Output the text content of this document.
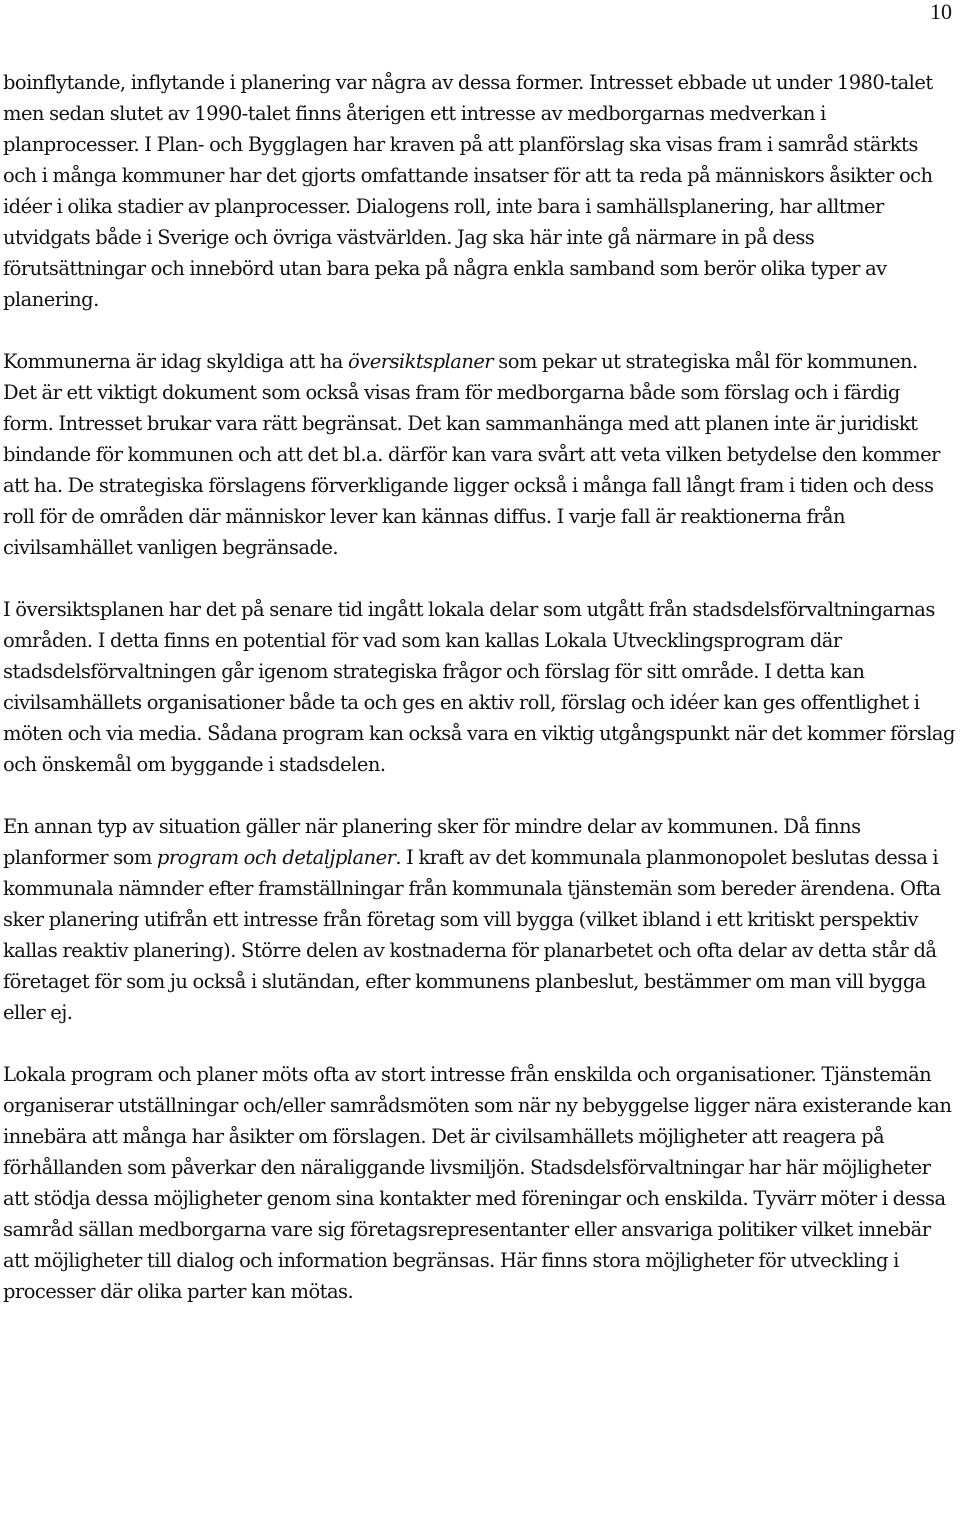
10

boinflytande, inflytande i planering var några av dessa former. Intresset ebbade ut under 1980-talet men sedan slutet av 1990-talet finns återigen ett intresse av medborgarnas medverkan i planprocesser. I Plan- och Bygglagen har kraven på att planförslag ska visas fram i samråd stärkts och i många kommuner har det gjorts omfattande insatser för att ta reda på människors åsikter och idéer i olika stadier av planprocesser. Dialogens roll, inte bara i samhällsplanering, har alltmer utvidgats både i Sverige och övriga västvärlden. Jag ska här inte gå närmare in på dess förutsättningar och innebörd utan bara peka på några enkla samband som berör olika typer av planering.

Kommunerna är idag skyldiga att ha översiktsplaner som pekar ut strategiska mål för kommunen. Det är ett viktigt dokument som också visas fram för medborgarna både som förslag och i färdig form. Intresset brukar vara rätt begränsat. Det kan sammanhänga med att planen inte är juridiskt bindande för kommunen och att det bl.a. därför kan vara svårt att veta vilken betydelse den kommer att ha. De strategiska förslagens förverkligande ligger också i många fall långt fram i tiden och dess roll för de områden där människor lever kan kännas diffus. I varje fall är reaktionerna från civilsamhället vanligen begränsade.

I översiktsplanen har det på senare tid ingått lokala delar som utgått från stadsdelsförvaltningarnas områden. I detta finns en potential för vad som kan kallas Lokala Utvecklingsprogram där stadsdelsförvaltningen går igenom strategiska frågor och förslag för sitt område. I detta kan civilsamhällets organisationer både ta och ges en aktiv roll, förslag och idéer kan ges offentlighet i möten och via media. Sådana program kan också vara en viktig utgångspunkt när det kommer förslag och önskemål om byggande i stadsdelen.

En annan typ av situation gäller när planering sker för mindre delar av kommunen. Då finns planformer som program och detaljplaner. I kraft av det kommunala planmonopolet beslutas dessa i kommunala nämnder efter framställningar från kommunala tjänstemän som bereder ärendena. Ofta sker planering utifrån ett intresse från företag som vill bygga (vilket ibland i ett kritiskt perspektiv kallas reaktiv planering). Större delen av kostnaderna för planarbetet och ofta delar av detta står då företaget för som ju också i slutändan, efter kommunens planbeslut, bestämmer om man vill bygga eller ej.

Lokala program och planer möts ofta av stort intresse från enskilda och organisationer. Tjänstemän organiserar utställningar och/eller samrådsmöten som när ny bebyggelse ligger nära existerande kan innebära att många har åsikter om förslagen. Det är civilsamhällets möjligheter att reagera på förhållanden som påverkar den näraliggande livsmiljön. Stadsdelsförvaltningar har här möjligheter att stödja dessa möjligheter genom sina kontakter med föreningar och enskilda. Tyvärr möter i dessa samråd sällan medborgarna vare sig företagsrepresentanter eller ansvariga politiker vilket innebär att möjligheter till dialog och information begränsas. Här finns stora möjligheter för utveckling i processer där olika parter kan mötas.
